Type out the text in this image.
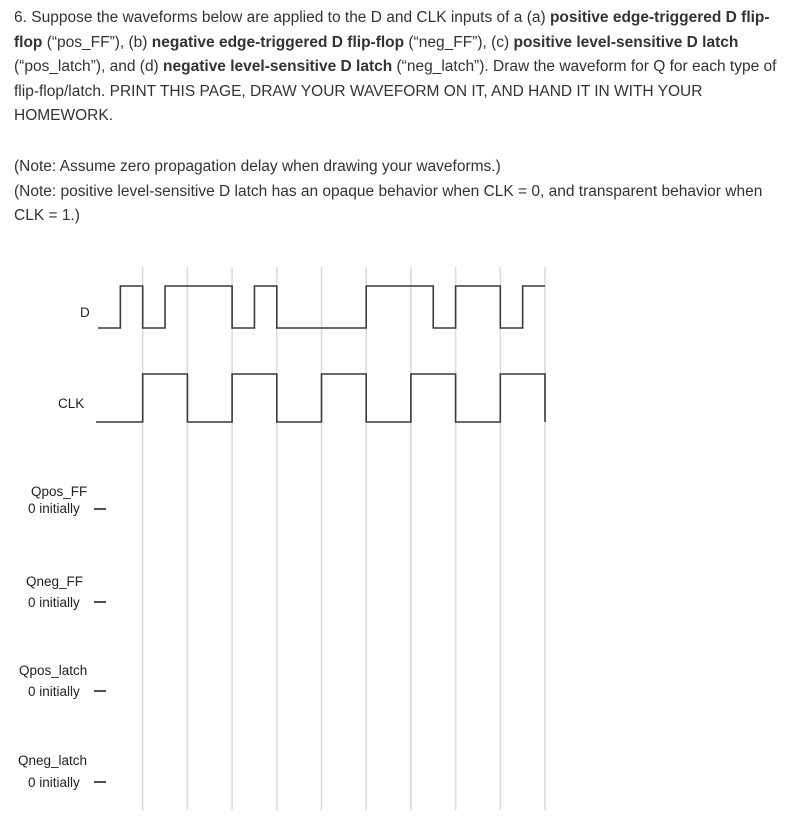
6. Suppose the waveforms below are applied to the D and CLK inputs of a (a) positive edge-triggered D flip-flop (“pos_FF”), (b) negative edge-triggered D flip-flop (“neg_FF”), (c) positive level-sensitive D latch (“pos_latch”), and (d) negative level-sensitive D latch (“neg_latch”). Draw the waveform for Q for each type of flip-flop/latch. PRINT THIS PAGE, DRAW YOUR WAVEFORM ON IT, AND HAND IT IN WITH YOUR HOMEWORK.

(Note: Assume zero propagation delay when drawing your waveforms.)

(Note: positive level-sensitive D latch has an opaque behavior when CLK = 0, and transparent behavior when CLK = 1.)

D
CLK
Qpos_FF
0 initially
Qneg_FF
0 initially
Qpos_latch
0 initially
Qneg_latch
0 initially
